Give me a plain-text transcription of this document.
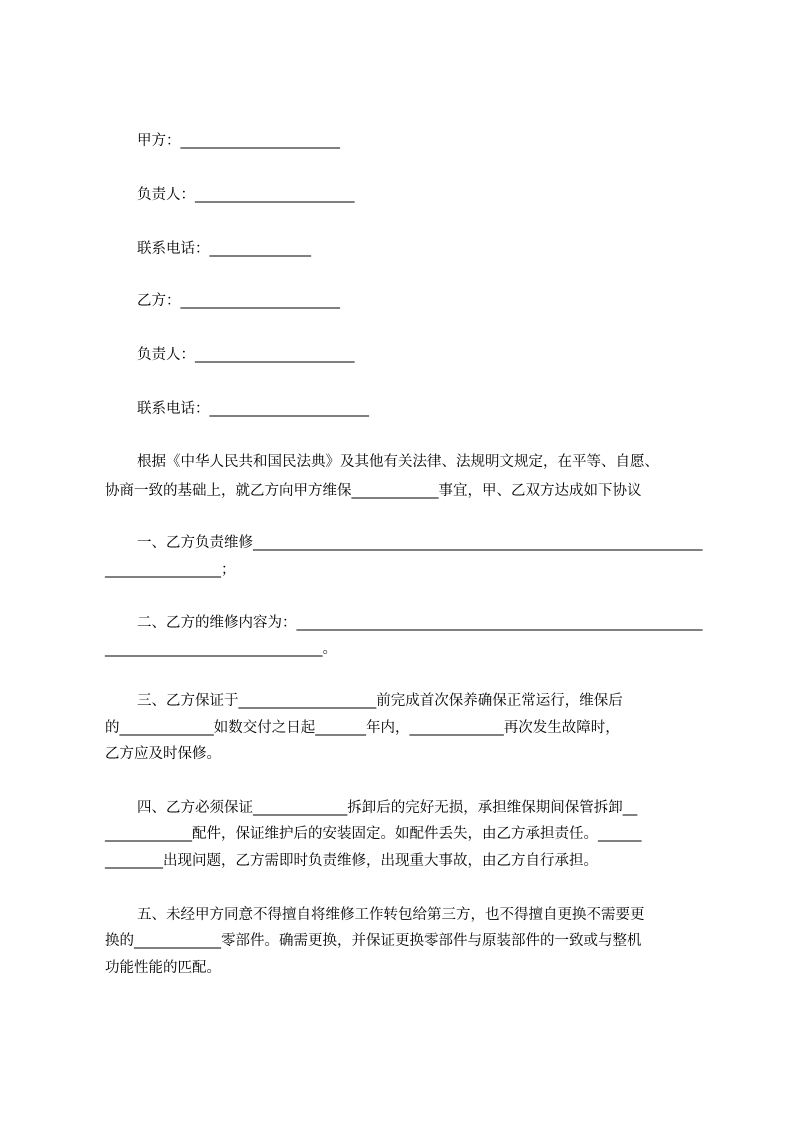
甲方：______________________
负责人：______________________
联系电话：______________
乙方：______________________
负责人：______________________
联系电话：______________________
根据《中华人民共和国民法典》及其他有关法律、法规明文规定，在平等、自愿、
协商一致的基础上，就乙方向甲方维保____________事宜，甲、乙双方达成如下协议
一、乙方负责维修______________________________________________________________
________________；
二、乙方的维修内容为：________________________________________________________
______________________________。
三、乙方保证于___________________前完成首次保养确保正常运行，维保后
的_____________如数交付之日起_______年内，_____________再次发生故障时，
乙方应及时保修。
四、乙方必须保证_____________拆卸后的完好无损，承担维保期间保管拆卸__
____________配件，保证维护后的安装固定。如配件丢失，由乙方承担责任。______
________出现问题，乙方需即时负责维修，出现重大事故，由乙方自行承担。
五、未经甲方同意不得擅自将维修工作转包给第三方，也不得擅自更换不需要更
换的____________零部件。确需更换，并保证更换零部件与原装部件的一致或与整机
功能性能的匹配。
